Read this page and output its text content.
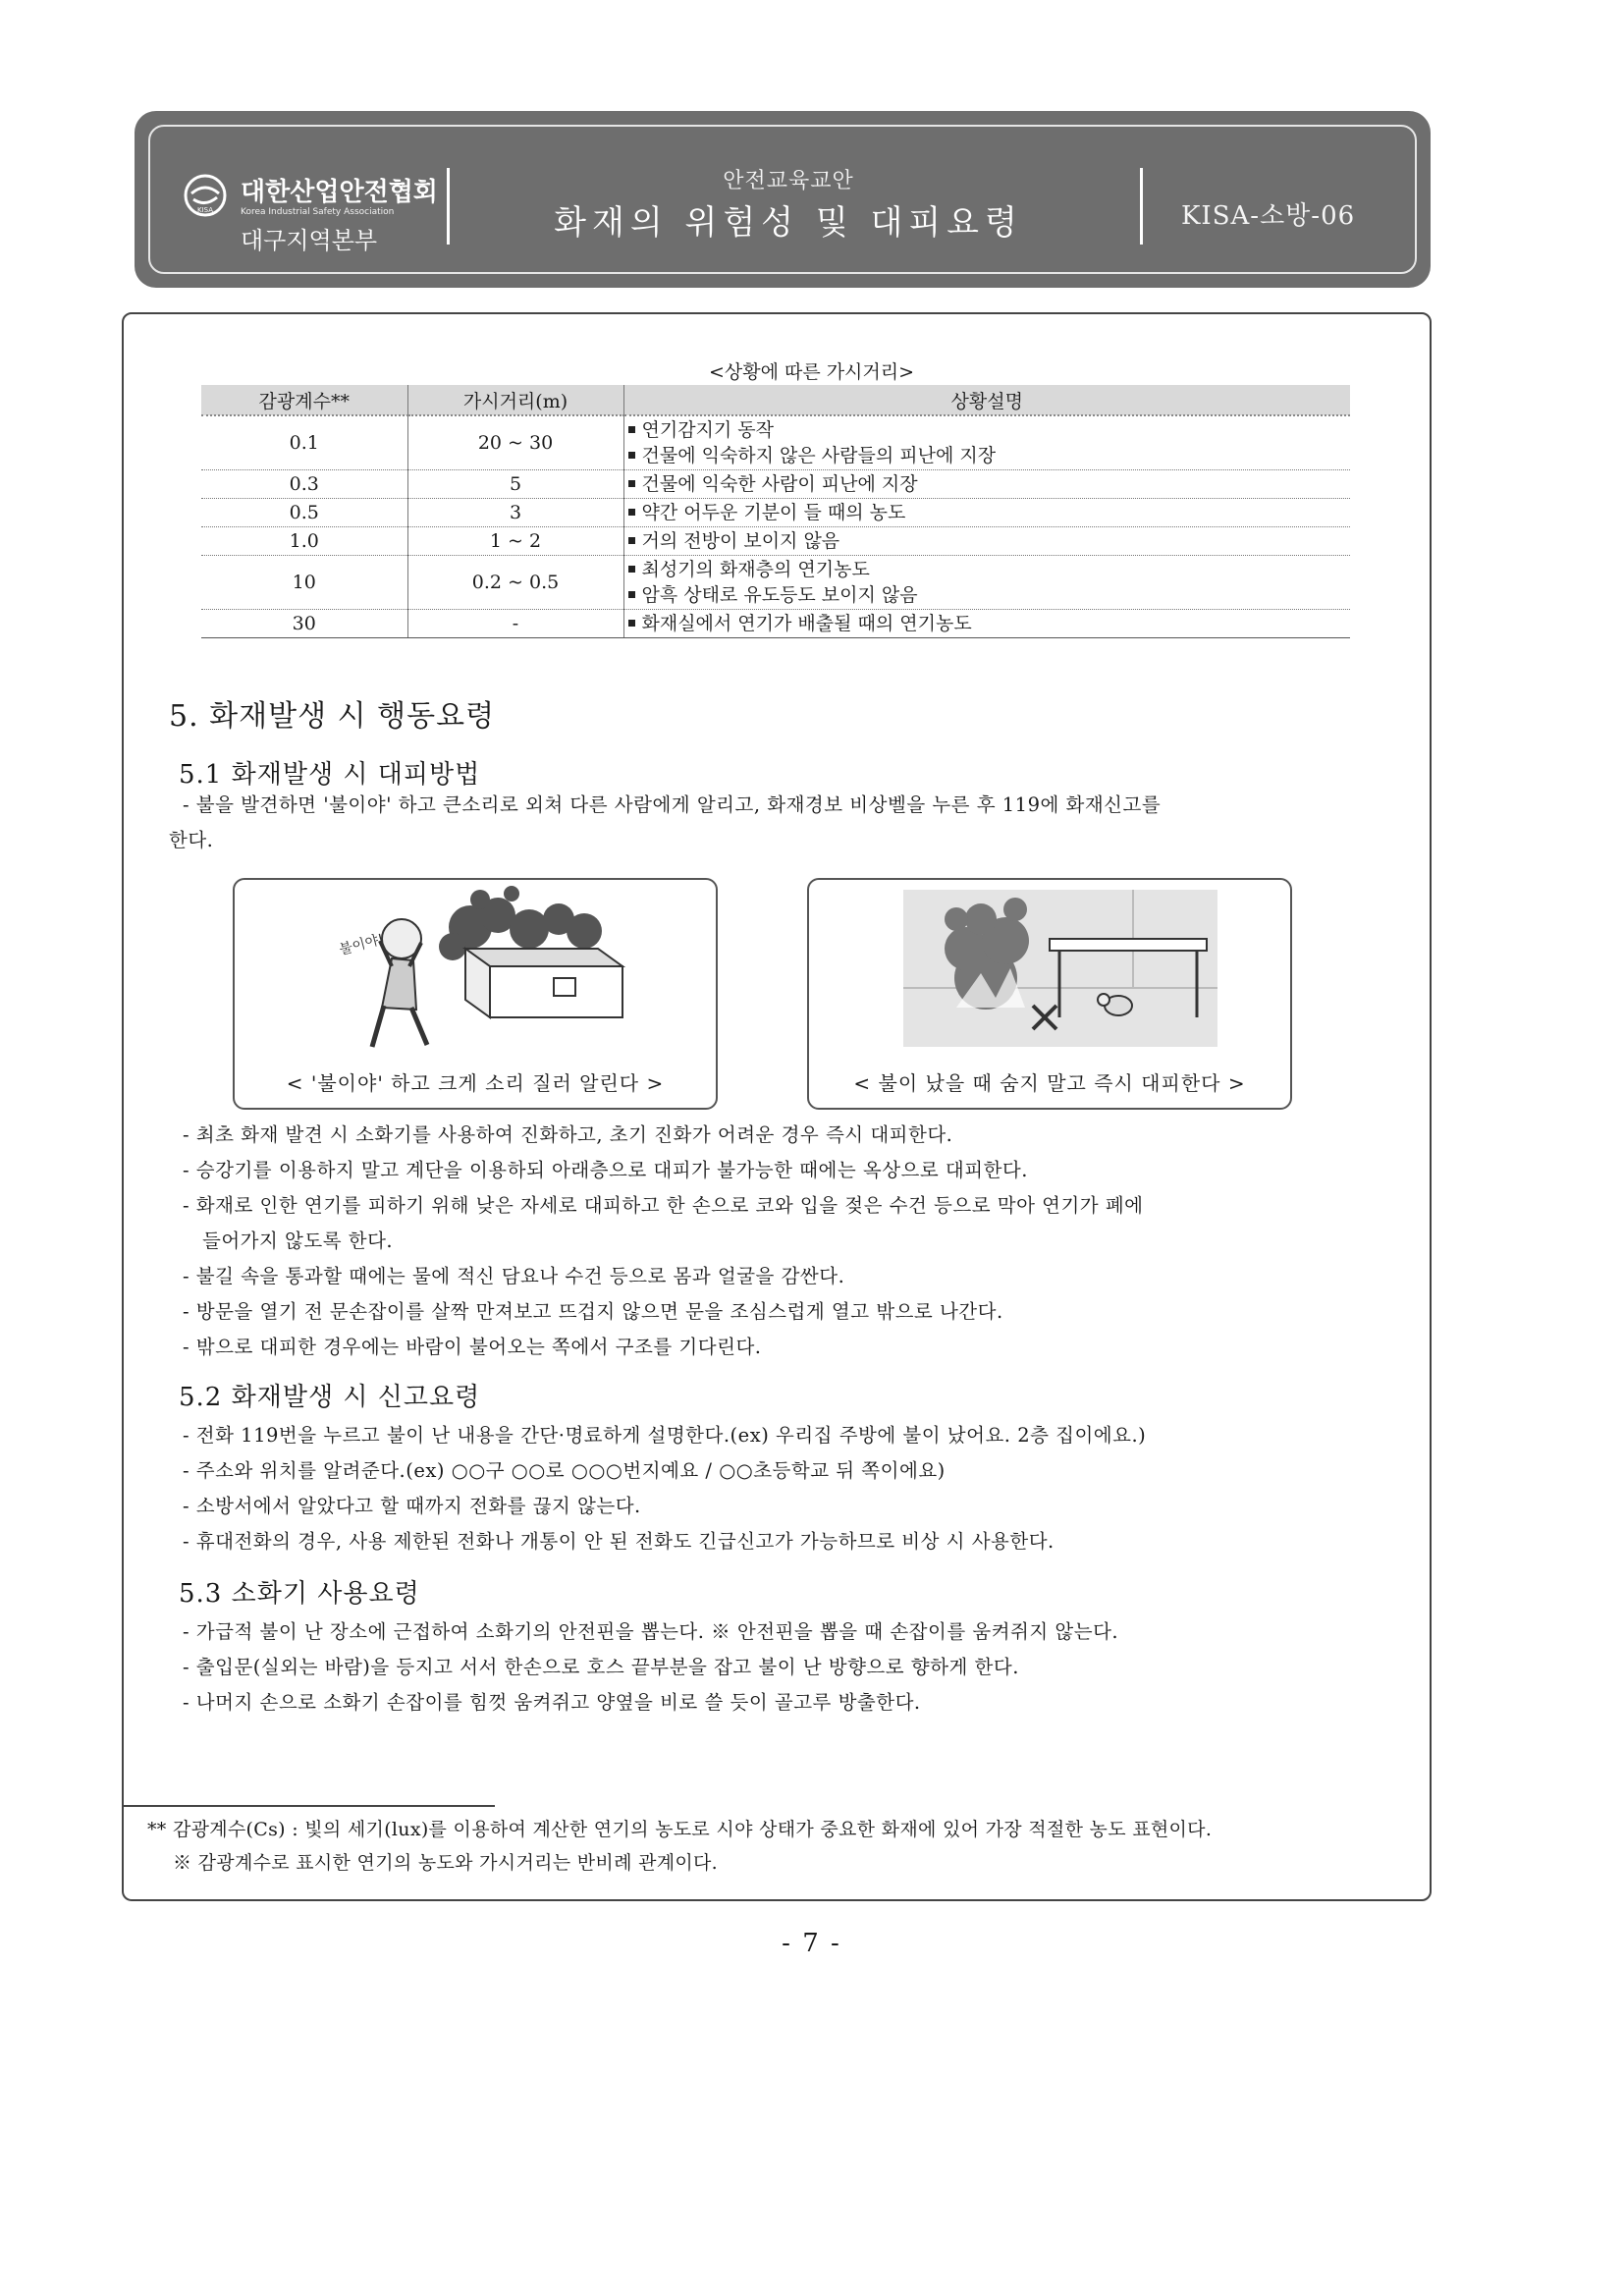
KISA
대한산업안전협회
Korea Industrial Safety Association
대구지역본부
안전교육교안
화재의 위험성 및 대피요령	KISA-소방-06
<상황에 따른 가시거리>
감광계수**	가시거리(m)	상황설명
0.1	20 ~ 30	연기감지기 동작
건물에 익숙하지 않은 사람들의 피난에 지장

0.3	5	건물에 익숙한 사람이 피난에 지장

0.5	3	약간 어두운 기분이 들 때의 농도

1.0	1 ~ 2	거의 전방이 보이지 않음

10	0.2 ~ 0.5	최성기의 화재층의 연기농도
암흑 상태로 유도등도 보이지 않음

30	-	화재실에서 연기가 배출될 때의 연기농도
5. 화재발생 시 행동요령
5.1 화재발생 시 대피방법
- 불을 발견하면 '불이야' 하고 큰소리로 외쳐 다른 사람에게 알리고, 화재경보 비상벨을 누른 후 119에 화재신고를
한다.
불이야!
< '불이야' 하고 크게 소리 질러 알린다 >	< 불이 났을 때 숨지 말고 즉시 대피한다 >
- 최초 화재 발견 시 소화기를 사용하여 진화하고, 초기 진화가 어려운 경우 즉시 대피한다.
- 승강기를 이용하지 말고 계단을 이용하되 아래층으로 대피가 불가능한 때에는 옥상으로 대피한다.
- 화재로 인한 연기를 피하기 위해 낮은 자세로 대피하고 한 손으로 코와 입을 젖은 수건 등으로 막아 연기가 폐에
들어가지 않도록 한다.
- 불길 속을 통과할 때에는 물에 적신 담요나 수건 등으로 몸과 얼굴을 감싼다.
- 방문을 열기 전 문손잡이를 살짝 만져보고 뜨겁지 않으면 문을 조심스럽게 열고 밖으로 나간다.
- 밖으로 대피한 경우에는 바람이 불어오는 쪽에서 구조를 기다린다.
5.2 화재발생 시 신고요령
- 전화 119번을 누르고 불이 난 내용을 간단·명료하게 설명한다.(ex) 우리집 주방에 불이 났어요. 2층 집이에요.)
- 주소와 위치를 알려준다.(ex) ○○구 ○○로 ○○○번지예요 / ○○초등학교 뒤 쪽이에요)
- 소방서에서 알았다고 할 때까지 전화를 끊지 않는다.
- 휴대전화의 경우, 사용 제한된 전화나 개통이 안 된 전화도 긴급신고가 가능하므로 비상 시 사용한다.
5.3 소화기 사용요령
- 가급적 불이 난 장소에 근접하여 소화기의 안전핀을 뽑는다. ※ 안전핀을 뽑을 때 손잡이를 움켜쥐지 않는다.
- 출입문(실외는 바람)을 등지고 서서 한손으로 호스 끝부분을 잡고 불이 난 방향으로 향하게 한다.
- 나머지 손으로 소화기 손잡이를 힘껏 움켜쥐고 양옆을 비로 쓸 듯이 골고루 방출한다.
** 감광계수(Cs) : 빛의 세기(lux)를 이용하여 계산한 연기의 농도로 시야 상태가 중요한 화재에 있어 가장 적절한 농도 표현이다.
※ 감광계수로 표시한 연기의 농도와 가시거리는 반비례 관계이다.
- 7 -
